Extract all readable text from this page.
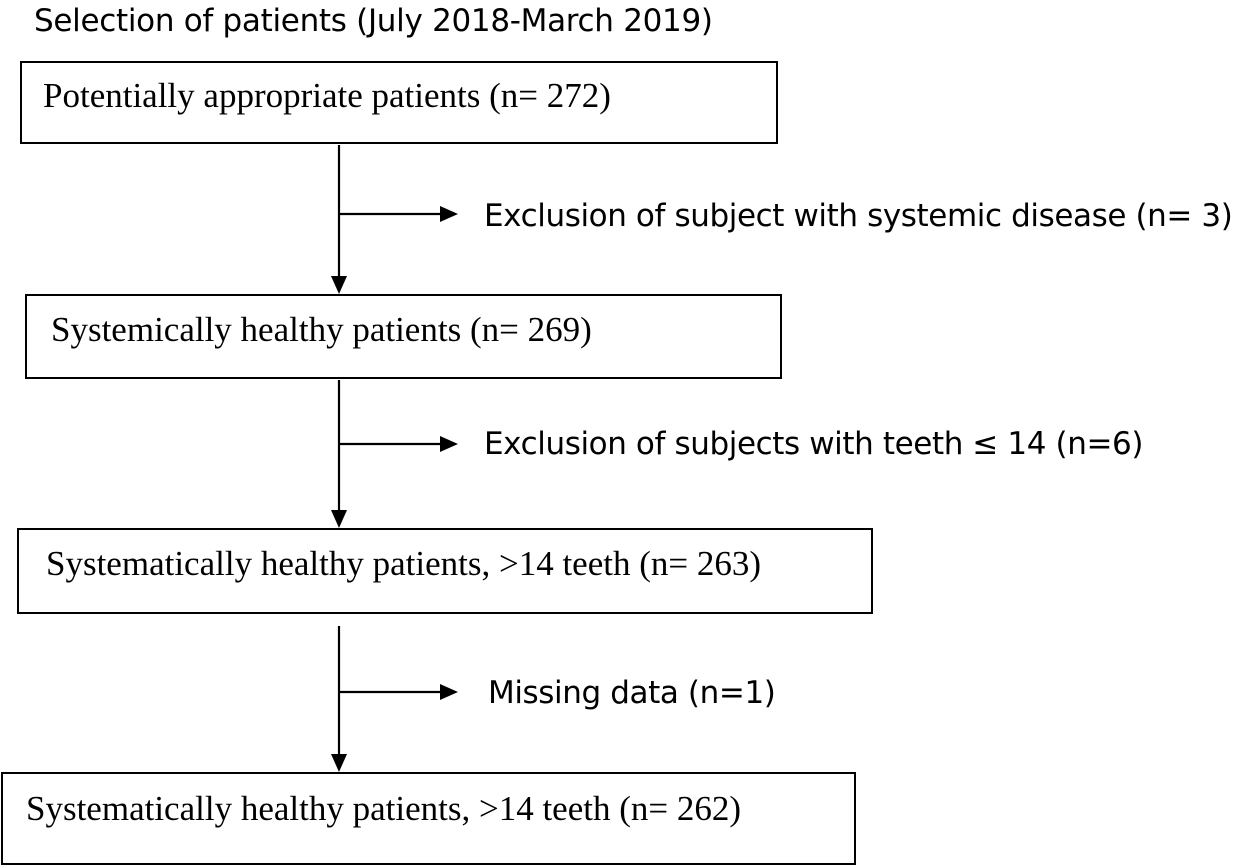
Selection of patients (July 2018-March 2019)
Potentially appropriate patients (n= 272)
Systemically healthy patients (n= 269)
Systematically healthy patients, >14 teeth (n= 263)
Systematically healthy patients, >14 teeth (n= 262)
Exclusion of subject with systemic disease (n= 3)
Exclusion of subjects with teeth ≤ 14 (n=6)
Missing data (n=1)
